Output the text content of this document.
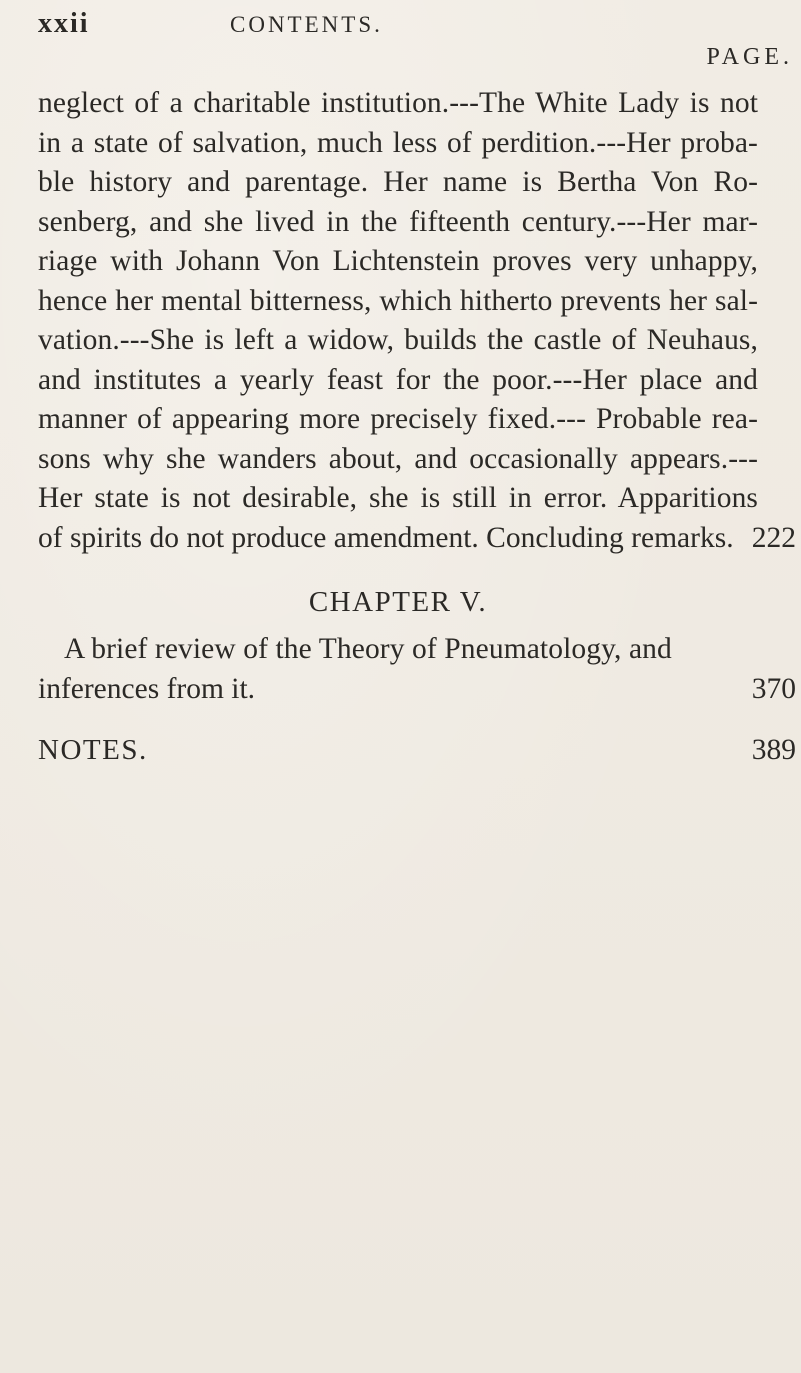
xxii	CONTENTS.
PAGE.
neglect of a charitable institution.---The White Lady is not
in a state of salvation, much less of perdition.---Her proba-
ble history and parentage. Her name is Bertha Von Ro-
senberg, and she lived in the fifteenth century.---Her mar-
riage with Johann Von Lichtenstein proves very unhappy,
hence her mental bitterness, which hitherto prevents her sal-
vation.---She is left a widow, builds the castle of Neuhaus,
and institutes a yearly feast for the poor.---Her place and
manner of appearing more precisely fixed.--- Probable rea-
sons why she wanders about, and occasionally appears.---
Her state is not desirable, she is still in error. Apparitions
of spirits do not produce amendment. Concluding remarks. 222
CHAPTER V.
A brief review of the Theory of Pneumatology, and
inferences from it.	370
NOTES.	389
